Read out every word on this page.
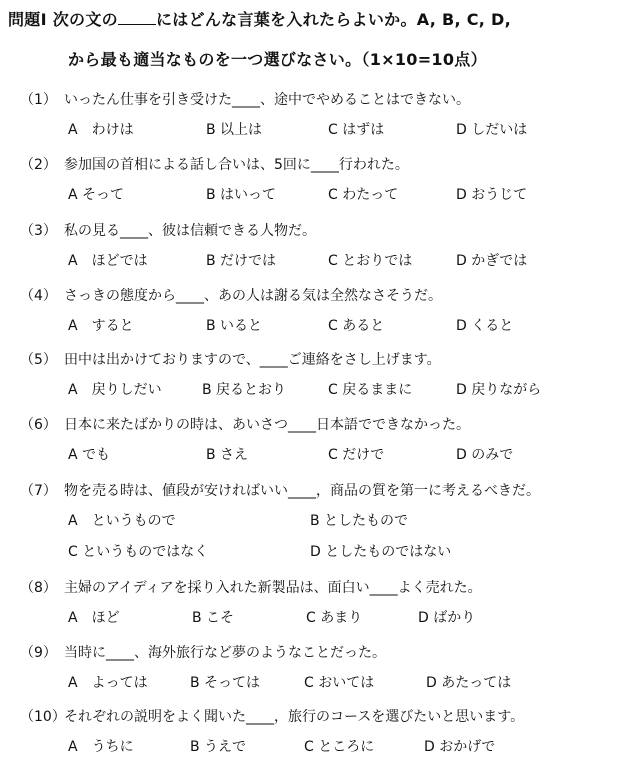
問題Ⅰ 次の文の にはどんな言葉を入れたらよいか。A, B, C, D,
から最も適当なものを一つ選びなさい。（1×10=10点）
（1） いったん仕事を引き受けた____、途中でやめることはできない。
A　わけは	B 以上は	C はずは	D しだいは
（2） 参加国の首相による話し合いは、5回に____行われた。
A そって	B はいって	C わたって	D おうじて
（3） 私の見る____、彼は信頼できる人物だ。
A　ほどでは	B だけでは	C とおりでは	D かぎでは
（4） さっきの態度から____、あの人は謝る気は全然なさそうだ。
A　すると	B いると	C あると	D くると
（5） 田中は出かけておりますので、____ご連絡をさし上げます。
A　戻りしだい	B 戻るとおり	C 戻るままに	D 戻りながら
（6） 日本に来たばかりの時は、あいさつ____日本語でできなかった。
A でも	B さえ	C だけで	D のみで
（7） 物を売る時は、値段が安ければいい____，商品の質を第一に考えるべきだ。
A　というもので	B としたもので
C というものではなく	D としたものではない
（8） 主婦のアイディアを採り入れた新製品は、面白い____よく売れた。
A　ほど	B こそ	C あまり	D ばかり
（9） 当時に____、海外旅行など夢のようなことだった。
A　よっては	B そっては	C おいては	D あたっては
（10）それぞれの説明をよく聞いた____，旅行のコースを選びたいと思います。
A　うちに	B うえで	C ところに	D おかげで
